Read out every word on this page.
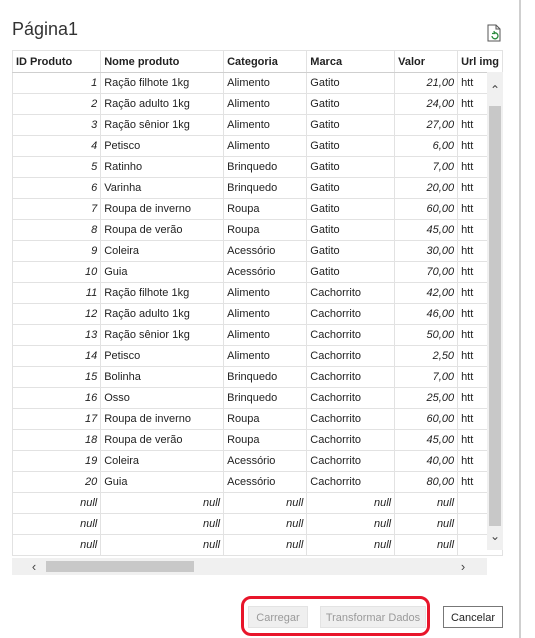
Página1
ID Produto	Nome produto	Categoria	Marca	Valor	Url img
1	Ração filhote 1kg	Alimento	Gatito	21,00	htt
2	Ração adulto 1kg	Alimento	Gatito	24,00	htt
3	Ração sênior 1kg	Alimento	Gatito	27,00	htt
4	Petisco	Alimento	Gatito	6,00	htt
5	Ratinho	Brinquedo	Gatito	7,00	htt
6	Varinha	Brinquedo	Gatito	20,00	htt
7	Roupa de inverno	Roupa	Gatito	60,00	htt
8	Roupa de verão	Roupa	Gatito	45,00	htt
9	Coleira	Acessório	Gatito	30,00	htt
10	Guia	Acessório	Gatito	70,00	htt
11	Ração filhote 1kg	Alimento	Cachorrito	42,00	htt
12	Ração adulto 1kg	Alimento	Cachorrito	46,00	htt
13	Ração sênior 1kg	Alimento	Cachorrito	50,00	htt
14	Petisco	Alimento	Cachorrito	2,50	htt
15	Bolinha	Brinquedo	Cachorrito	7,00	htt
16	Osso	Brinquedo	Cachorrito	25,00	htt
17	Roupa de inverno	Roupa	Cachorrito	60,00	htt
18	Roupa de verão	Roupa	Cachorrito	45,00	htt
19	Coleira	Acessório	Cachorrito	40,00	htt
20	Guia	Acessório	Cachorrito	80,00	htt
null	null	null	null	null	
null	null	null	null	null	
null	null	null	null	null	
⌃
⌄
‹	›
Carregar	Transformar Dados	Cancelar
